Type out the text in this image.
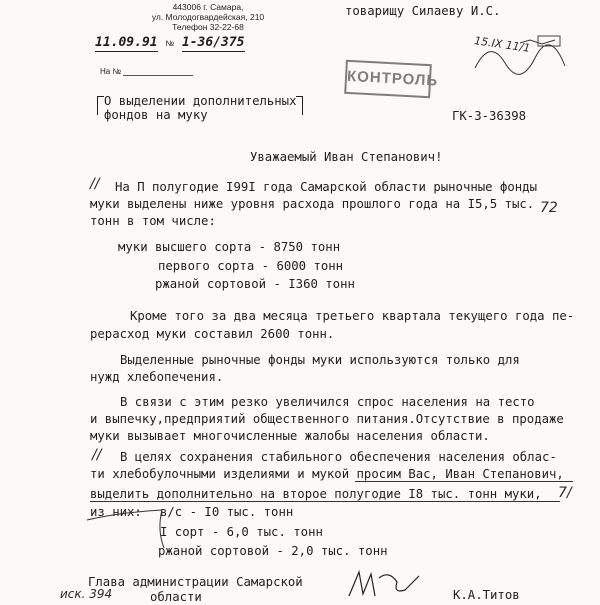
443006 г. Самара,
ул. Молодогвардейская, 210
Телефон 32-22-68
товарищу Силаеву И.С.
11.09.91 № 1-36/375
На №	КОНТРОЛЬ
15.IX 11/1
О выделении дополнительных
фондов на муку	ГК-3-36398
Уважаемый Иван Степанович!
// На П полугодие I99I года Самарской области рыночные фонды
муки выделены ниже уровня расхода прошлого года на I5,5 тыс.
тонн в том числе:
72
муки высшего сорта - 8750 тонн
первого сорта - 6000 тонн
ржаной сортовой - I360 тонн
Кроме того за два месяца третьего квартала текущего года пе-
рерасход муки составил 2600 тонн.
Выделенные рыночные фонды муки используются только для
нужд хлебопечения.
В связи с этим резко увеличился спрос населения на тесто
и выпечку,предприятий общественного питания.Отсутствие в продаже
муки вызывает многочисленные жалобы населения области.
// В целях сохранения стабильного обеспечения населения облас-
ти хлебобулочными изделиями и мукой просим Вас, Иван Степанович,
выделить дополнительно на второе полугодие I8 тыс. тонн муки,
из них: в/с - I0 тыс. тонн
7/
I сорт - 6,0 тыс. тонн
ржаной сортовой - 2,0 тыс. тонн
Глава администрации Самарской
области	К.А.Титов
иск. 394
